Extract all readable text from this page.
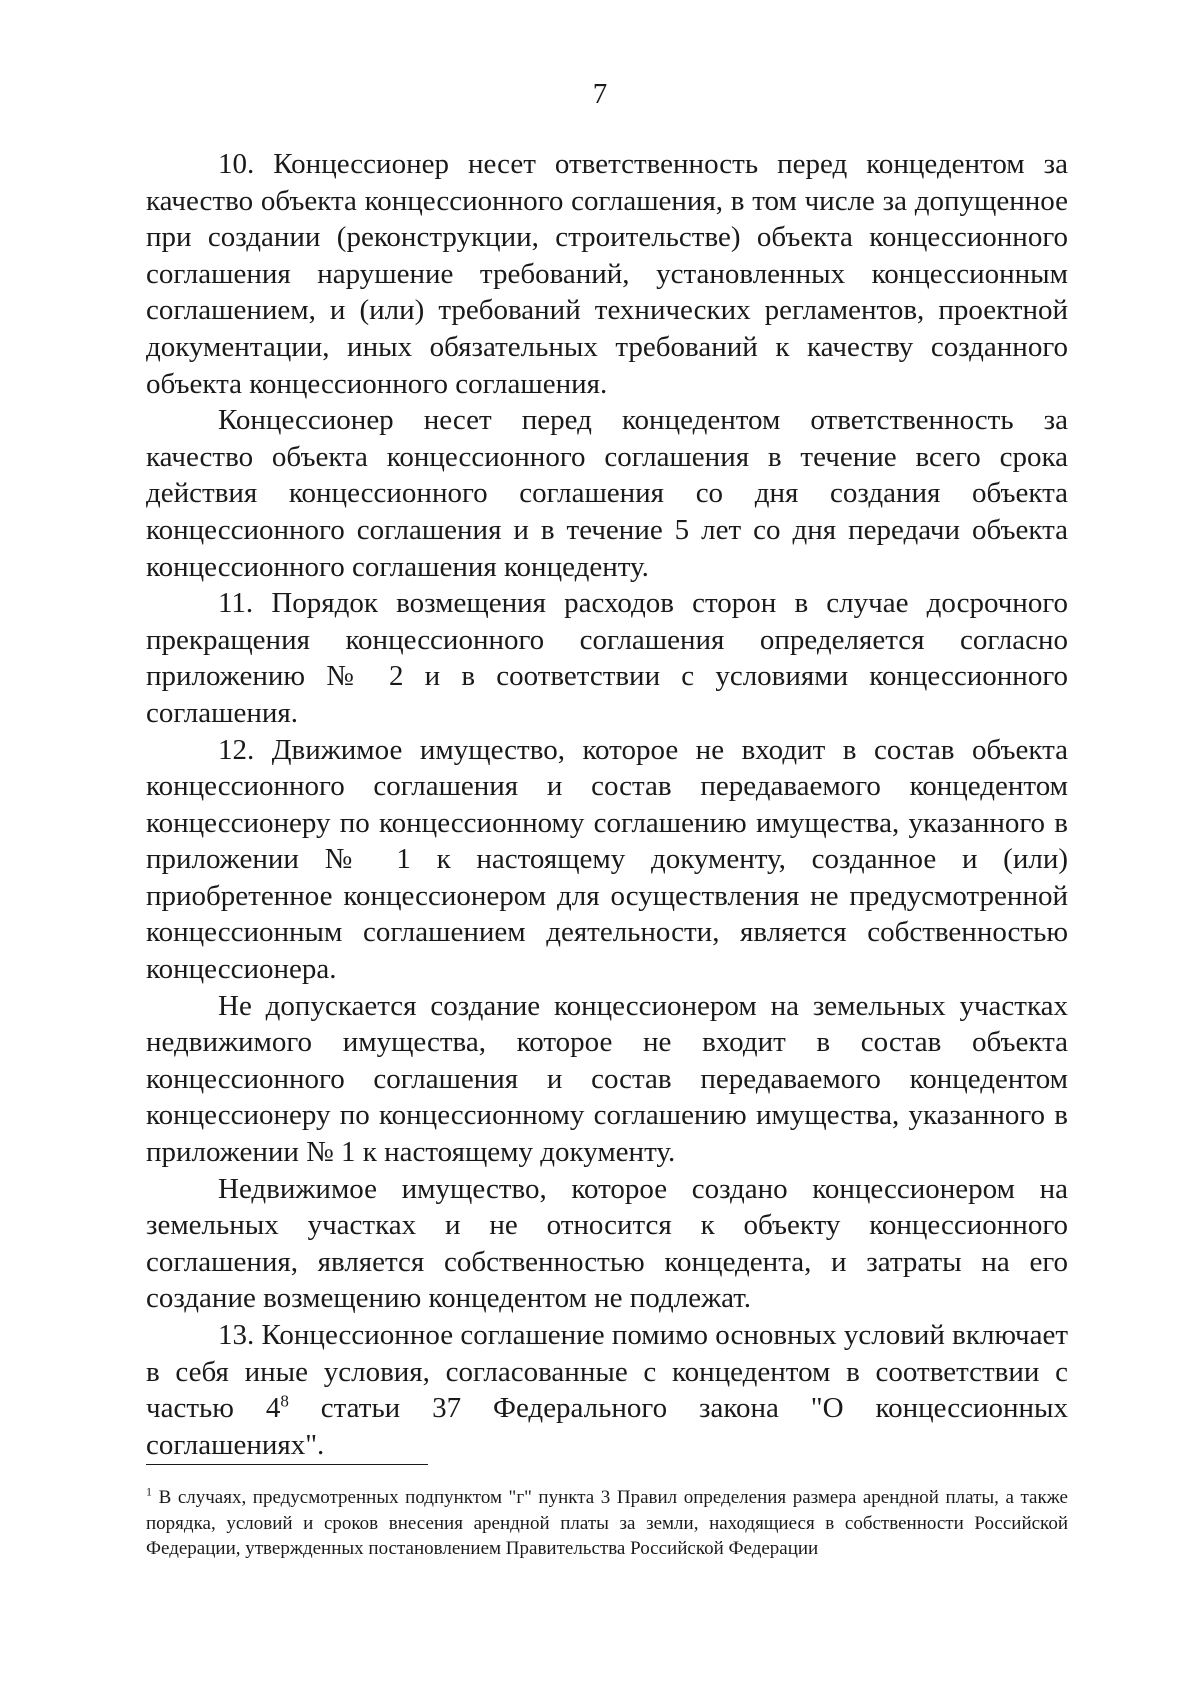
7

10. Концессионер несет ответственность перед концедентом за качество объекта концессионного соглашения, в том числе за допущенное при создании (реконструкции, строительстве) объекта концессионного соглашения нарушение требований, установленных концессионным соглашением, и (или) требований технических регламентов, проектной документации, иных обязательных требований к качеству созданного объекта концессионного соглашения.

Концессионер несет перед концедентом ответственность за качество объекта концессионного соглашения в течение всего срока действия концессионного соглашения со дня создания объекта концессионного соглашения и в течение 5 лет со дня передачи объекта концессионного соглашения концеденту.

11. Порядок возмещения расходов сторон в случае досрочного прекращения концессионного соглашения определяется согласно приложению № 2 и в соответствии с условиями концессионного соглашения.

12. Движимое имущество, которое не входит в состав объекта концессионного соглашения и состав передаваемого концедентом концессионеру по концессионному соглашению имущества, указанного в приложении № 1 к настоящему документу, созданное и (или) приобретенное концессионером для осуществления не предусмотренной концессионным соглашением деятельности, является собственностью концессионера.

Не допускается создание концессионером на земельных участках недвижимого имущества, которое не входит в состав объекта концессионного соглашения и состав передаваемого концедентом концессионеру по концессионному соглашению имущества, указанного в приложении № 1 к настоящему документу.

Недвижимое имущество, которое создано концессионером на земельных участках и не относится к объекту концессионного соглашения, является собственностью концедента, и затраты на его создание возмещению концедентом не подлежат.

13. Концессионное соглашение помимо основных условий включает в себя иные условия, согласованные с концедентом в соответствии с частью $4^8$ статьи 37 Федерального закона "О концессионных соглашениях".

$^1$ В случаях, предусмотренных подпунктом "г" пункта 3 Правил определения размера арендной платы, а также порядка, условий и сроков внесения арендной платы за земли, находящиеся в собственности Российской Федерации, утвержденных постановлением Правительства Российской Федерации
